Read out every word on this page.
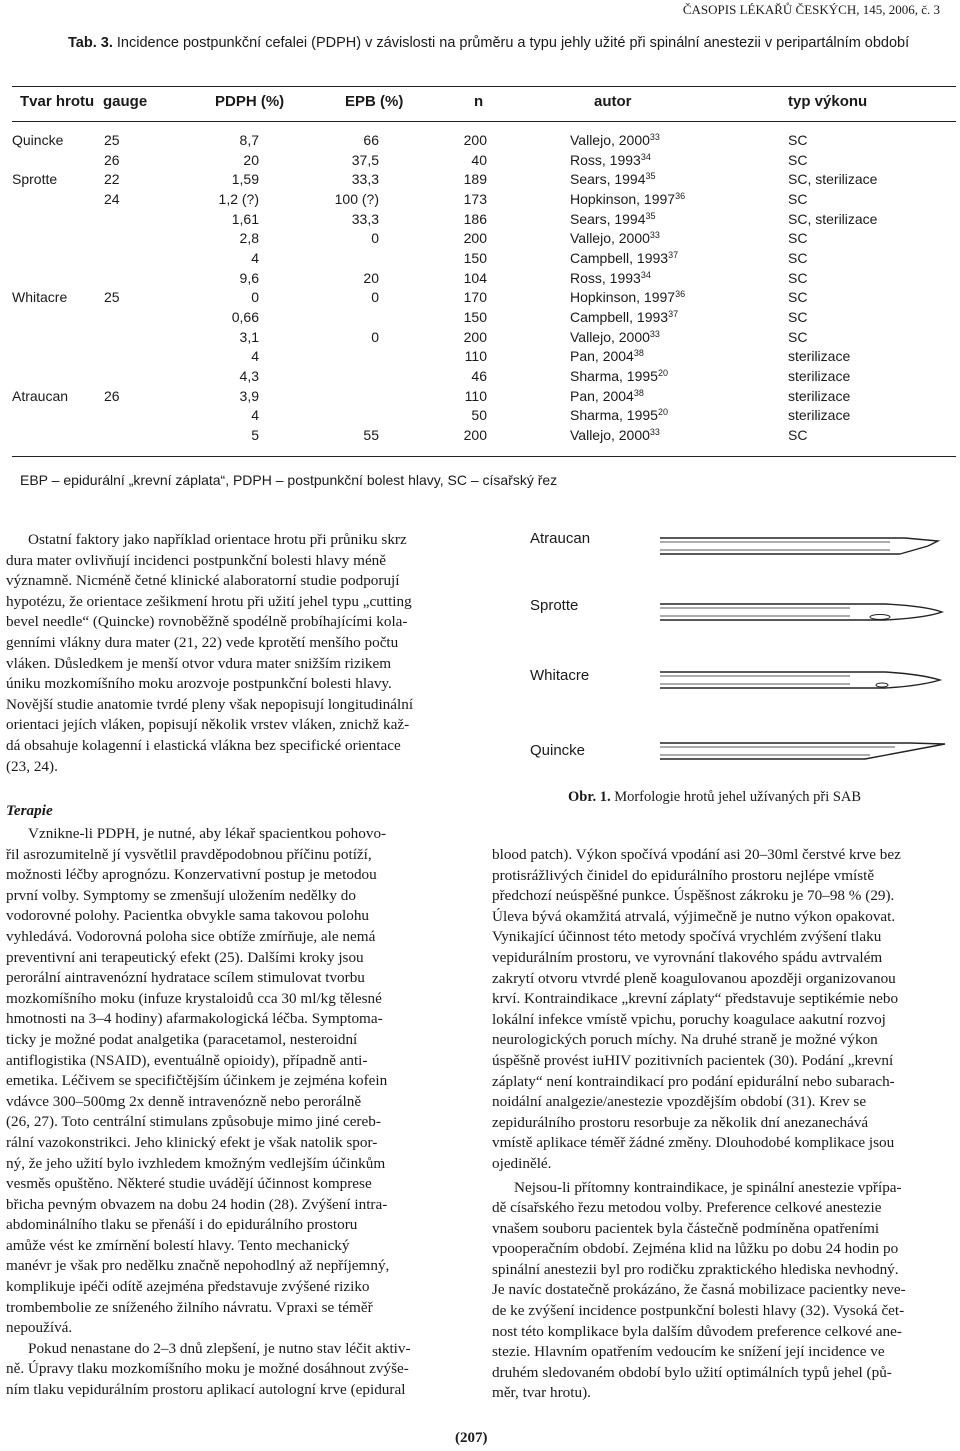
ČASOPIS LÉKAŘŮ ČESKÝCH, 145, 2006, č. 3
Tab. 3. Incidence postpunkční cefalei (PDPH) v závislosti na průměru a typu jehly užité při spinální anestezii v peripartálním období
Tvar hrotu gauge	PDPH (%)	EPB (%)	n	autor	typ výkonu
Quincke	25	8,7	66	200		Vallejo, 2000$^{33}$	SC
	26	20	37,5	40		Ross, 1993$^{34}$	SC
Sprotte	22	1,59	33,3	189		Sears, 1994$^{35}$	SC, sterilizace
	24	1,2 (?)	100 (?)	173		Hopkinson, 1997$^{36}$	SC
		1,61	33,3	186		Sears, 1994$^{35}$	SC, sterilizace
		2,8	0	200		Vallejo, 2000$^{33}$	SC
		4		150		Campbell, 1993$^{37}$	SC
		9,6	20	104		Ross, 1993$^{34}$	SC
Whitacre	25	0	0	170		Hopkinson, 1997$^{36}$	SC
		0,66		150		Campbell, 1993$^{37}$	SC
		3,1	0	200		Vallejo, 2000$^{33}$	SC
		4		110		Pan, 2004$^{38}$	sterilizace
		4,3		46		Sharma, 1995$^{20}$	sterilizace
Atraucan	26	3,9		110		Pan, 2004$^{38}$	sterilizace
		4		50		Sharma, 1995$^{20}$	sterilizace
		5	55	200		Vallejo, 2000$^{33}$	SC
EBP – epidurální „krevní záplata“, PDPH – postpunkční bolest hlavy, SC – císařský řez

Ostatní faktory jako například orientace hrotu při průniku skrz

dura mater ovlivňují incidenci postpunkční bolesti hlavy méně

významně. Nicméně četné klinické alaboratorní studie podporují

hypotézu, že orientace zešikmení hrotu při užití jehel typu „cutting

bevel needle“ (Quincke) rovnoběžně spodélně probíhajícími kola-

genními vlákny dura mater (21, 22) vede kprotětí menšího počtu

vláken. Důsledkem je menší otvor vdura mater snižším rizikem

úniku mozkomíšního moku arozvoje postpunkční bolesti hlavy.

Novější studie anatomie tvrdé pleny však nepopisují longitudinální

orientaci jejích vláken, popisují několik vrstev vláken, znichž kaž-

dá obsahuje kolagenní i elastická vlákna bez specifické orientace

(23, 24).

Terapie

Vznikne-li PDPH, je nutné, aby lékař spacientkou pohovo-

řil asrozumitelně jí vysvětlil pravděpodobnou příčinu potíží,

možnosti léčby aprognózu. Konzervativní postup je metodou

první volby. Symptomy se zmenšují uložením nedělky do

vodorovné polohy. Pacientka obvykle sama takovou polohu

vyhledává. Vodorovná poloha sice obtíže zmírňuje, ale nemá

preventivní ani terapeutický efekt (25). Dalšími kroky jsou

perorální aintravenózní hydratace scílem stimulovat tvorbu

mozkomíšního moku (infuze krystaloidů cca 30 ml/kg tělesné

hmotnosti na 3–4 hodiny) afarmakologická léčba. Symptoma-

ticky je možné podat analgetika (paracetamol, nesteroidní

antiflogistika (NSAID), eventuálně opioidy), případně anti-

emetika. Léčivem se specifičtějším účinkem je zejména kofein

vdávce 300–500mg 2x denně intravenózně nebo perorálně

(26, 27). Toto centrální stimulans způsobuje mimo jiné cereb-

rální vazokonstrikci. Jeho klinický efekt je však natolik spor-

ný, že jeho užití bylo ivzhledem kmožným vedlejším účinkům

vesměs opuštěno. Některé studie uvádějí účinnost komprese

břicha pevným obvazem na dobu 24 hodin (28). Zvýšení intra-

abdominálního tlaku se přenáší i do epidurálního prostoru

amůže vést ke zmírnění bolestí hlavy. Tento mechanický

manévr je však pro nedělku značně nepohodlný až nepříjemný,

komplikuje ipéči odítě azejména představuje zvýšené riziko

trombembolie ze sníženého žilního návratu. Vpraxi se téměř

nepoužívá.

Pokud nenastane do 2–3 dnů zlepšení, je nutno stav léčit aktiv-

ně. Úpravy tlaku mozkomíšního moku je možné dosáhnout zvýše-

ním tlaku vepidurálním prostoru aplikací autologní krve (epidural

Atraucan
Sprotte
Whitacre
Quincke
Obr. 1. Morfologie hrotů jehel užívaných při SAB

blood patch). Výkon spočívá vpodání asi 20–30ml čerstvé krve bez

protisrážlivých činidel do epidurálního prostoru nejlépe vmístě

předchozí neúspěšné punkce. Úspěšnost zákroku je 70–98 % (29).

Úleva bývá okamžitá atrvalá, výjimečně je nutno výkon opakovat.

Vynikající účinnost této metody spočívá vrychlém zvýšení tlaku

vepidurálním prostoru, ve vyrovnání tlakového spádu avtrvalém

zakrytí otvoru vtvrdé pleně koagulovanou apozději organizovanou

krví. Kontraindikace „krevní záplaty“ představuje septikémie nebo

lokální infekce vmístě vpichu, poruchy koagulace aakutní rozvoj

neurologických poruch míchy. Na druhé straně je možné výkon

úspěšně provést iuHIV pozitivních pacientek (30). Podání „krevní

záplaty“ není kontraindikací pro podání epidurální nebo subarach-

noidální analgezie/anestezie vpozdějším období (31). Krev se

zepidurálního prostoru resorbuje za několik dní anezanechává

vmístě aplikace téměř žádné změny. Dlouhodobé komplikace jsou

ojedinělé.

Nejsou-li přítomny kontraindikace, je spinální anestezie vpřípa-

dě císařského řezu metodou volby. Preference celkové anestezie

vnašem souboru pacientek byla částečně podmíněna opatřeními

vpooperačním období. Zejména klid na lůžku po dobu 24 hodin po

spinální anestezii byl pro rodičku zpraktického hlediska nevhodný.

Je navíc dostatečně prokázáno, že časná mobilizace pacientky neve-

de ke zvýšení incidence postpunkční bolesti hlavy (32). Vysoká čet-

nost této komplikace byla dalším důvodem preference celkové ane-

stezie. Hlavním opatřením vedoucím ke snížení její incidence ve

druhém sledovaném období bylo užití optimálních typů jehel (pů-

měr, tvar hrotu).

(207)
